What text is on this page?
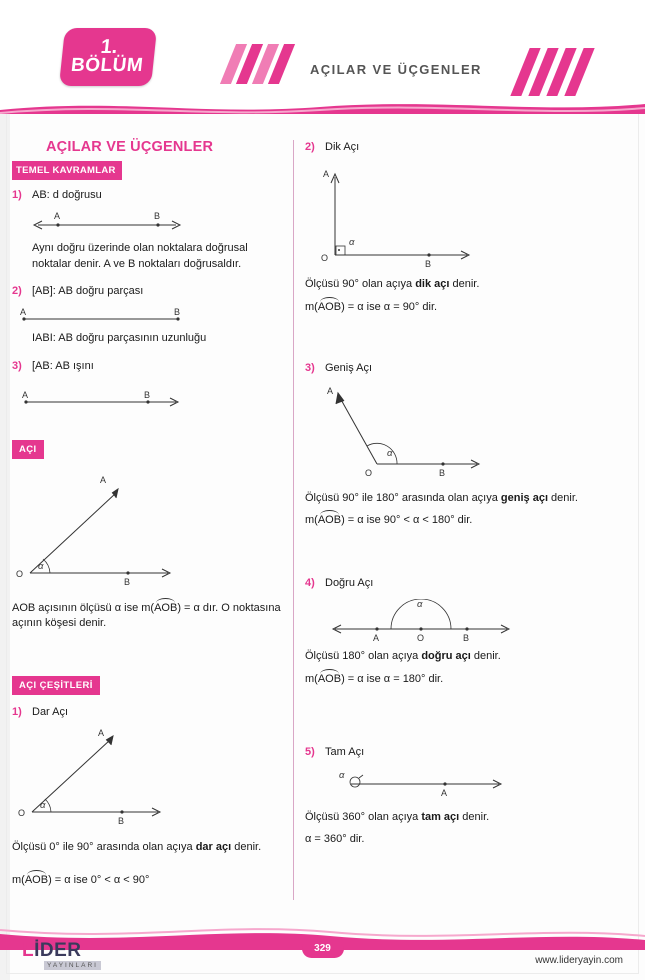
1.
BÖLÜM	AÇILAR VE ÜÇGENLER
AÇILAR VE ÜÇGENLER
TEMEL KAVRAMLAR
1) AB: d doğrusu
A	B
Aynı doğru üzerinde olan noktalara doğrusal noktalar denir. A ve B noktaları doğrusaldır.
2) [AB]: AB doğru parçası
A	B
IABI: AB doğru parçasının uzunluğu
3) [AB: AB ışını
A	B
AÇI
A
B
O
α
AOB açısının ölçüsü α ise m(AOB) = α dır. O noktasına açının köşesi denir.
AÇI ÇEŞİTLERİ
1) Dar Açı
A
B
O
α
Ölçüsü 0° ile 90° arasında olan açıya dar açı denir.
m(AOB) = α ise 0° < α < 90°
2) Dik Açı
A
B
O
α
Ölçüsü 90° olan açıya dik açı denir.
m(AOB) = α ise α = 90° dir.
3) Geniş Açı
A
B
O
α
Ölçüsü 90° ile 180° arasında olan açıya geniş açı denir.
m(AOB) = α ise 90° < α < 180° dir.
4) Doğru Açı
A	B
O
α
Ölçüsü 180° olan açıya doğru açı denir.
m(AOB) = α ise α = 180° dir.
5) Tam Açı
A
α
Ölçüsü 360° olan açıya tam açı denir.
α = 360° dir.
LİDER
YAYINLARI
329
www.lideryayin.com
